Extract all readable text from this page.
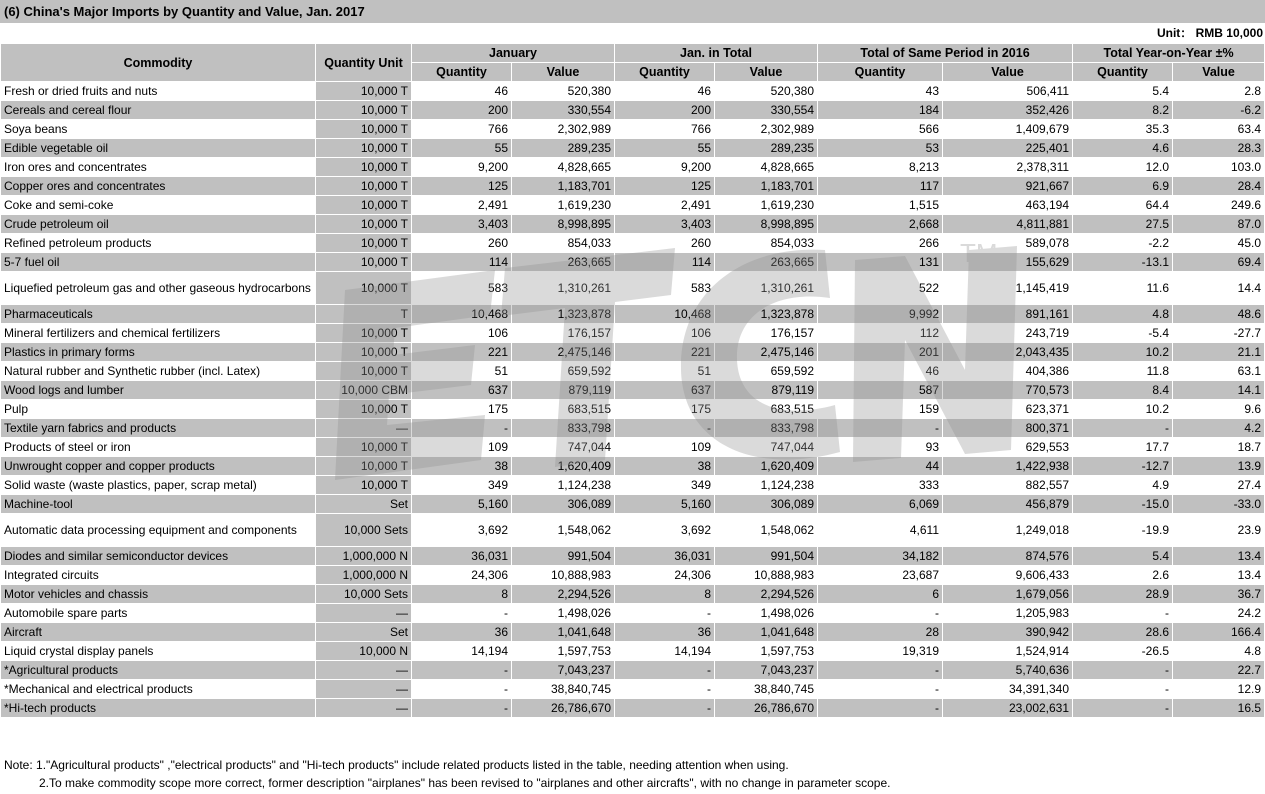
(6) China's Major Imports by Quantity and Value, Jan. 2017
Unit： RMB 10,000
Commodity	Quantity Unit	January		Jan. in Total		Total of Same Period in 2016		Total Year-on-Year ±%	
		Quantity	Value	Quantity	Value	Quantity	Value	Quantity	Value
Fresh or dried fruits and nuts	10,000 T	46	520,380	46	520,380	43	506,411	5.4	2.8
Cereals and cereal flour	10,000 T	200	330,554	200	330,554	184	352,426	8.2	-6.2
Soya beans	10,000 T	766	2,302,989	766	2,302,989	566	1,409,679	35.3	63.4
Edible vegetable oil	10,000 T	55	289,235	55	289,235	53	225,401	4.6	28.3
Iron ores and concentrates	10,000 T	9,200	4,828,665	9,200	4,828,665	8,213	2,378,311	12.0	103.0
Copper ores and concentrates	10,000 T	125	1,183,701	125	1,183,701	117	921,667	6.9	28.4
Coke and semi-coke	10,000 T	2,491	1,619,230	2,491	1,619,230	1,515	463,194	64.4	249.6
Crude petroleum oil	10,000 T	3,403	8,998,895	3,403	8,998,895	2,668	4,811,881	27.5	87.0
Refined petroleum products	10,000 T	260	854,033	260	854,033	266	589,078	-2.2	45.0
5-7 fuel oil	10,000 T	114	263,665	114	263,665	131	155,629	-13.1	69.4
Liquefied petroleum gas and other gaseous hydrocarbons	10,000 T	583	1,310,261	583	1,310,261	522	1,145,419	11.6	14.4
Pharmaceuticals	T	10,468	1,323,878	10,468	1,323,878	9,992	891,161	4.8	48.6
Mineral fertilizers and chemical fertilizers	10,000 T	106	176,157	106	176,157	112	243,719	-5.4	-27.7
Plastics in primary forms	10,000 T	221	2,475,146	221	2,475,146	201	2,043,435	10.2	21.1
Natural rubber and Synthetic rubber (incl. Latex)	10,000 T	51	659,592	51	659,592	46	404,386	11.8	63.1
Wood logs and lumber	10,000 CBM	637	879,119	637	879,119	587	770,573	8.4	14.1
Pulp	10,000 T	175	683,515	175	683,515	159	623,371	10.2	9.6
Textile yarn fabrics and products	—	-	833,798	-	833,798	-	800,371	-	4.2
Products of steel or iron	10,000 T	109	747,044	109	747,044	93	629,553	17.7	18.7
Unwrought copper and copper products	10,000 T	38	1,620,409	38	1,620,409	44	1,422,938	-12.7	13.9
Solid waste (waste plastics, paper, scrap metal)	10,000 T	349	1,124,238	349	1,124,238	333	882,557	4.9	27.4
Machine-tool	Set	5,160	306,089	5,160	306,089	6,069	456,879	-15.0	-33.0
Automatic data processing equipment and components	10,000 Sets	3,692	1,548,062	3,692	1,548,062	4,611	1,249,018	-19.9	23.9
Diodes and similar semiconductor devices	1,000,000 N	36,031	991,504	36,031	991,504	34,182	874,576	5.4	13.4
Integrated circuits	1,000,000 N	24,306	10,888,983	24,306	10,888,983	23,687	9,606,433	2.6	13.4
Motor vehicles and chassis	10,000 Sets	8	2,294,526	8	2,294,526	6	1,679,056	28.9	36.7
Automobile spare parts	—	-	1,498,026	-	1,498,026	-	1,205,983	-	24.2
Aircraft	Set	36	1,041,648	36	1,041,648	28	390,942	28.6	166.4
Liquid crystal display panels	10,000 N	14,194	1,597,753	14,194	1,597,753	19,319	1,524,914	-26.5	4.8
*Agricultural products	—	-	7,043,237	-	7,043,237	-	5,740,636	-	22.7
*Mechanical and electrical products	—	-	38,840,745	-	38,840,745	-	34,391,340	-	12.9
*Hi-tech products	—	-	26,786,670	-	26,786,670	-	23,002,631	-	16.5
TM
Note: 1."Agricultural products" ,"electrical products" and "Hi-tech products" include related products listed in the table, needing attention when using.
2.To make commodity scope more correct, former description "airplanes" has been revised to "airplanes and other aircrafts", with no change in parameter scope.
